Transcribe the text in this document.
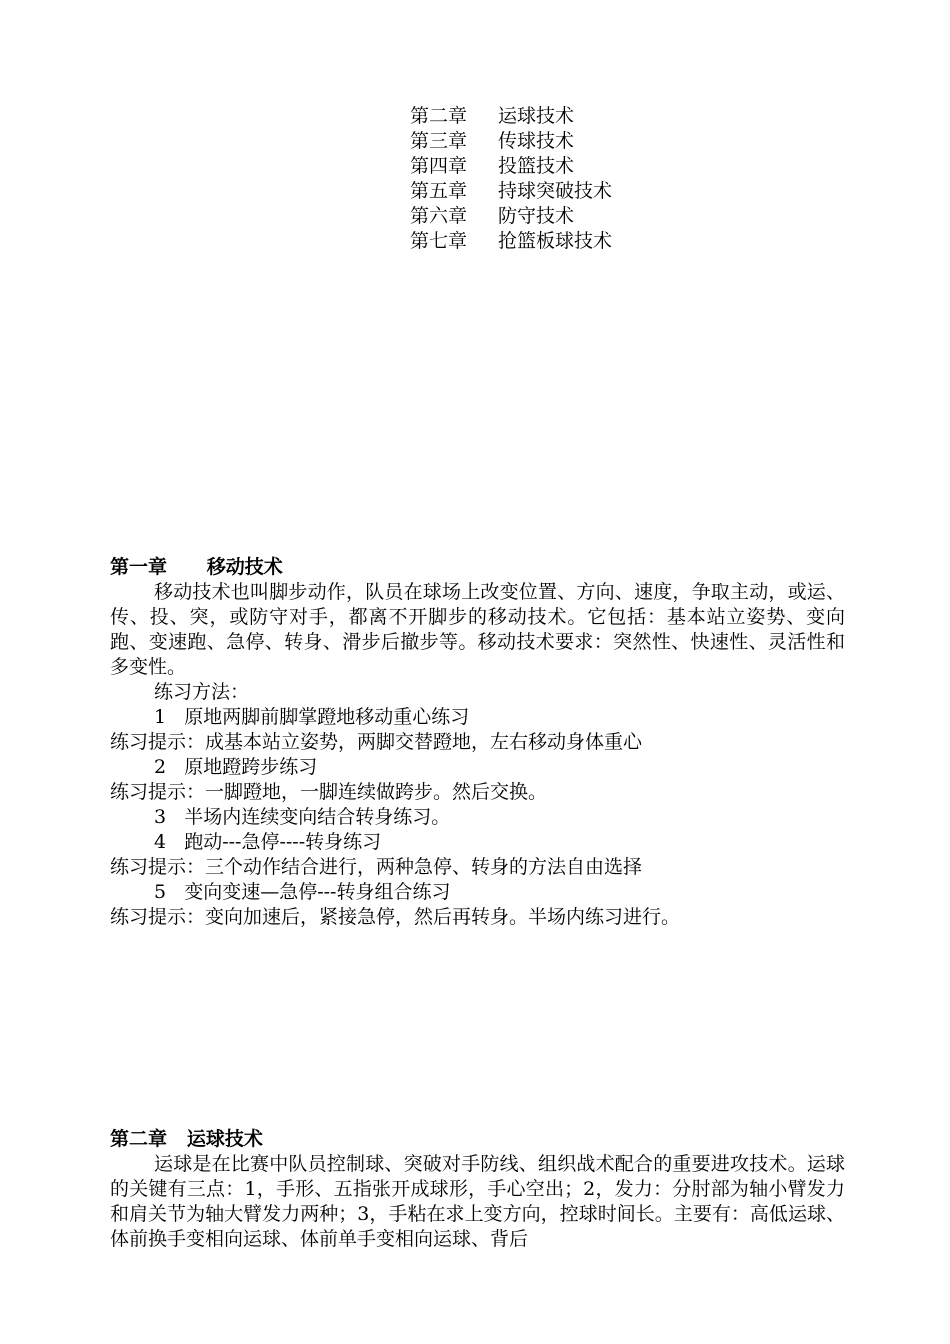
第二章 运球技术
第三章 传球技术
第四章 投篮技术
第五章 持球突破技术
第六章 防守技术
第七章 抢篮板球技术
第一章      移动技术
移动技术也叫脚步动作，队员在球场上改变位置、方向、速度，争取主动，或运、传、投、突，或防守对手，都离不开脚步的移动技术。它包括：基本站立姿势、变向跑、变速跑、急停、转身、滑步后撤步等。移动技术要求：突然性、快速性、灵活性和多变性。
练习方法：
1   原地两脚前脚掌蹬地移动重心练习
练习提示：成基本站立姿势，两脚交替蹬地，左右移动身体重心
2   原地蹬跨步练习
练习提示：一脚蹬地，一脚连续做跨步。然后交换。
3   半场内连续变向结合转身练习。
4   跑动---急停----转身练习
练习提示：三个动作结合进行，两种急停、转身的方法自由选择
5   变向变速—急停---转身组合练习
练习提示：变向加速后，紧接急停，然后再转身。半场内练习进行。
第二章   运球技术
运球是在比赛中队员控制球、突破对手防线、组织战术配合的重要进攻技术。运球的关键有三点：1，手形、五指张开成球形，手心空出；2，发力：分肘部为轴小臂发力和肩关节为轴大臂发力两种；3，手粘在求上变方向，控球时间长。主要有：高低运球、体前换手变相向运球、体前单手变相向运球、背后
